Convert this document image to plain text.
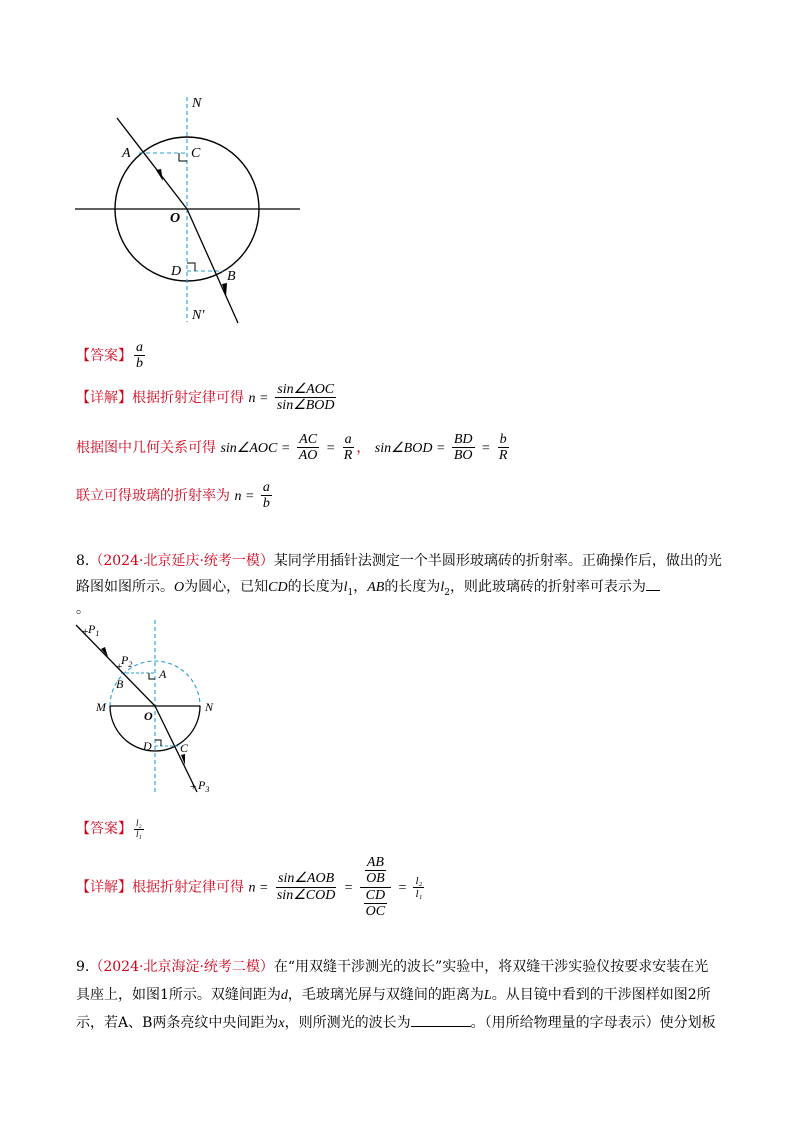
N
N′
A	C
O
D	B
【答案】 $\frac{a}{b}$
【详解】根据折射定律可得 $n = \frac{\text{sin∠AOC}}{\text{sin∠BOD}}$
根据图中几何关系可得 sin∠AOC = $\frac{AC}{AO} = \frac{a}{R}$ ， sin∠BOD = $\frac{BD}{BO} = \frac{b}{R}$
联立可得玻璃的折射率为 $n = \frac{a}{b}$
8.（2024·北京延庆·统考一模）某同学用插针法测定一个半圆形玻璃砖的折射率。正确操作后，做出的光
路图如图所示。O为圆心，已知CD的长度为$l_1$，AB的长度为$l_2$，则此玻璃砖的折射率可表示为
。
+
+
+
$P_1$
$P_2$
$P_3$
B
A
M	N
O
D C
【答案】 $\frac{\text{l₂}}{\text{l₁}}$
【详解】根据折射定律可得 $n = \frac{\text{sin∠AOB}}{\text{sin∠COD}} = \frac{\frac{AB}{OB}}{\frac{CD}{OC}} = \frac{\text{l₂}}{\text{l₁}}$
9.（2024·北京海淀·统考二模）在“用双缝干涉测光的波长”实验中，将双缝干涉实验仪按要求安装在光
具座上，如图1所示。双缝间距为d，毛玻璃光屏与双缝间的距离为L。从目镜中看到的干涉图样如图2所
示，若A、B两条亮纹中央间距为x，则所测光的波长为	。（用所给物理量的字母表示）使分划板
